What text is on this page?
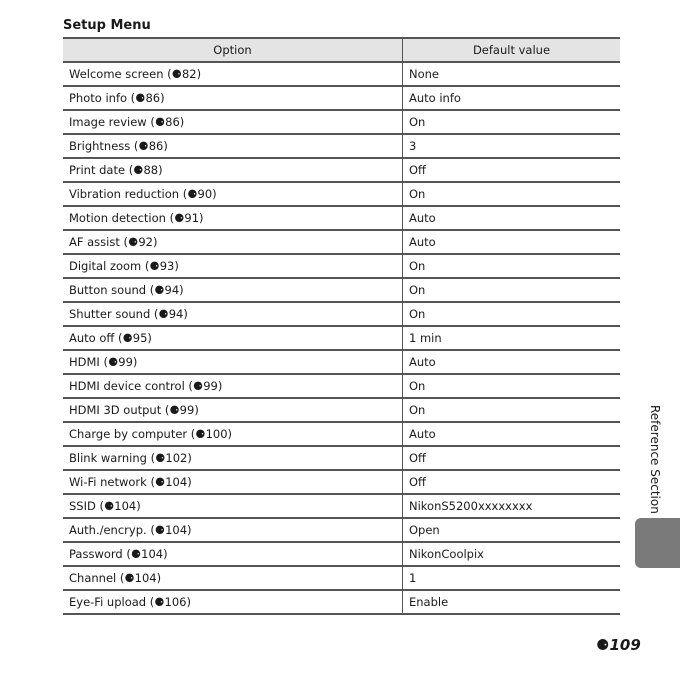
Setup Menu
Option	Default value
Welcome screen (⚈82)	None
Photo info (⚈86)	Auto info
Image review (⚈86)	On
Brightness (⚈86)	3
Print date (⚈88)	Off
Vibration reduction (⚈90)	On
Motion detection (⚈91)	Auto
AF assist (⚈92)	Auto
Digital zoom (⚈93)	On
Button sound (⚈94)	On
Shutter sound (⚈94)	On
Auto off (⚈95)	1 min
HDMI (⚈99)	Auto
HDMI device control (⚈99)	On
HDMI 3D output (⚈99)	On
Charge by computer (⚈100)	Auto
Blink warning (⚈102)	Off
Wi-Fi network (⚈104)	Off
SSID (⚈104)	NikonS5200xxxxxxxx
Auth./encryp. (⚈104)	Open
Password (⚈104)	NikonCoolpix
Channel (⚈104)	1
Eye-Fi upload (⚈106)	Enable
Reference Section
⚈109
